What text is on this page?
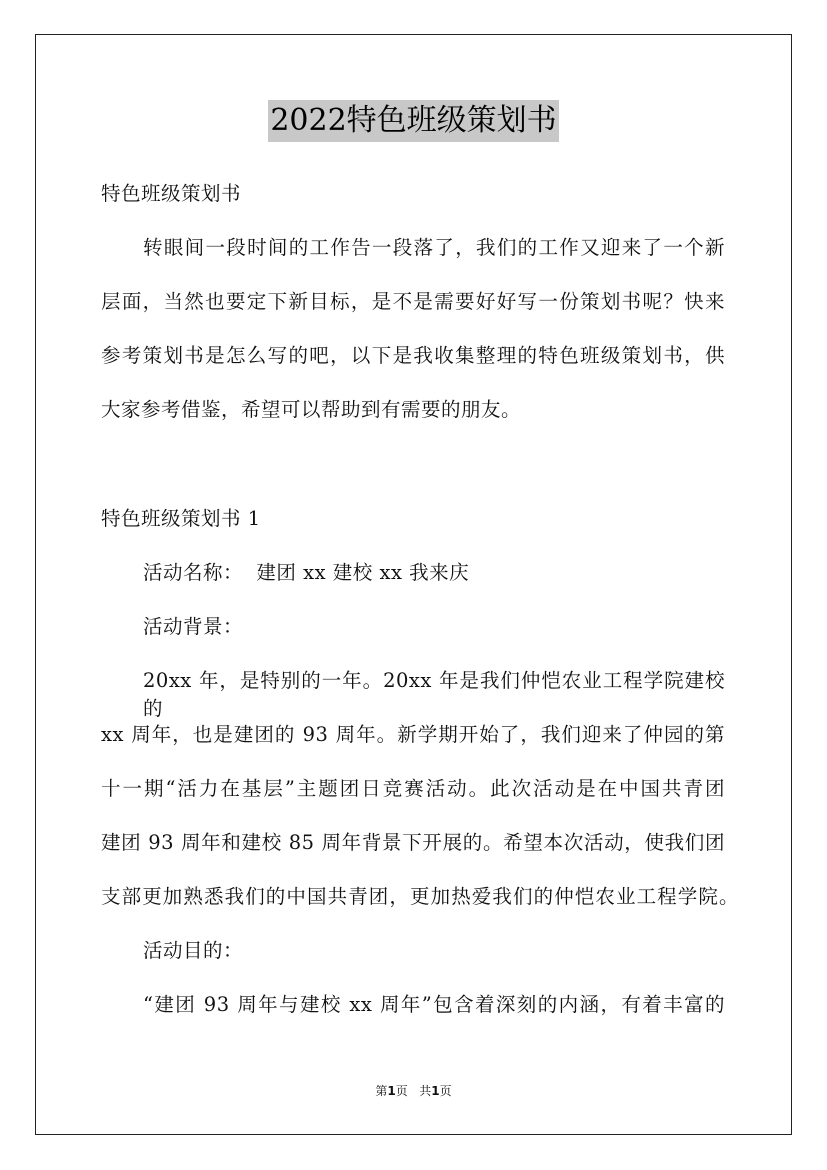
2022特色班级策划书
特色班级策划书
转眼间一段时间的工作告一段落了，我们的工作又迎来了一个新
层面，当然也要定下新目标，是不是需要好好写一份策划书呢？快来
参考策划书是怎么写的吧，以下是我收集整理的特色班级策划书，供
大家参考借鉴，希望可以帮助到有需要的朋友。
特色班级策划书 1
活动名称：  建团 xx 建校 xx 我来庆
活动背景：
20xx 年，是特别的一年。20xx 年是我们仲恺农业工程学院建校的
xx 周年，也是建团的 93 周年。新学期开始了，我们迎来了仲园的第
十一期“活力在基层”主题团日竞赛活动。此次活动是在中国共青团
建团 93 周年和建校 85 周年背景下开展的。希望本次活动，使我们团
支部更加熟悉我们的中国共青团，更加热爱我们的仲恺农业工程学院。
活动目的：
“建团 93 周年与建校 xx 周年”包含着深刻的内涵，有着丰富的
第1页   共1页
